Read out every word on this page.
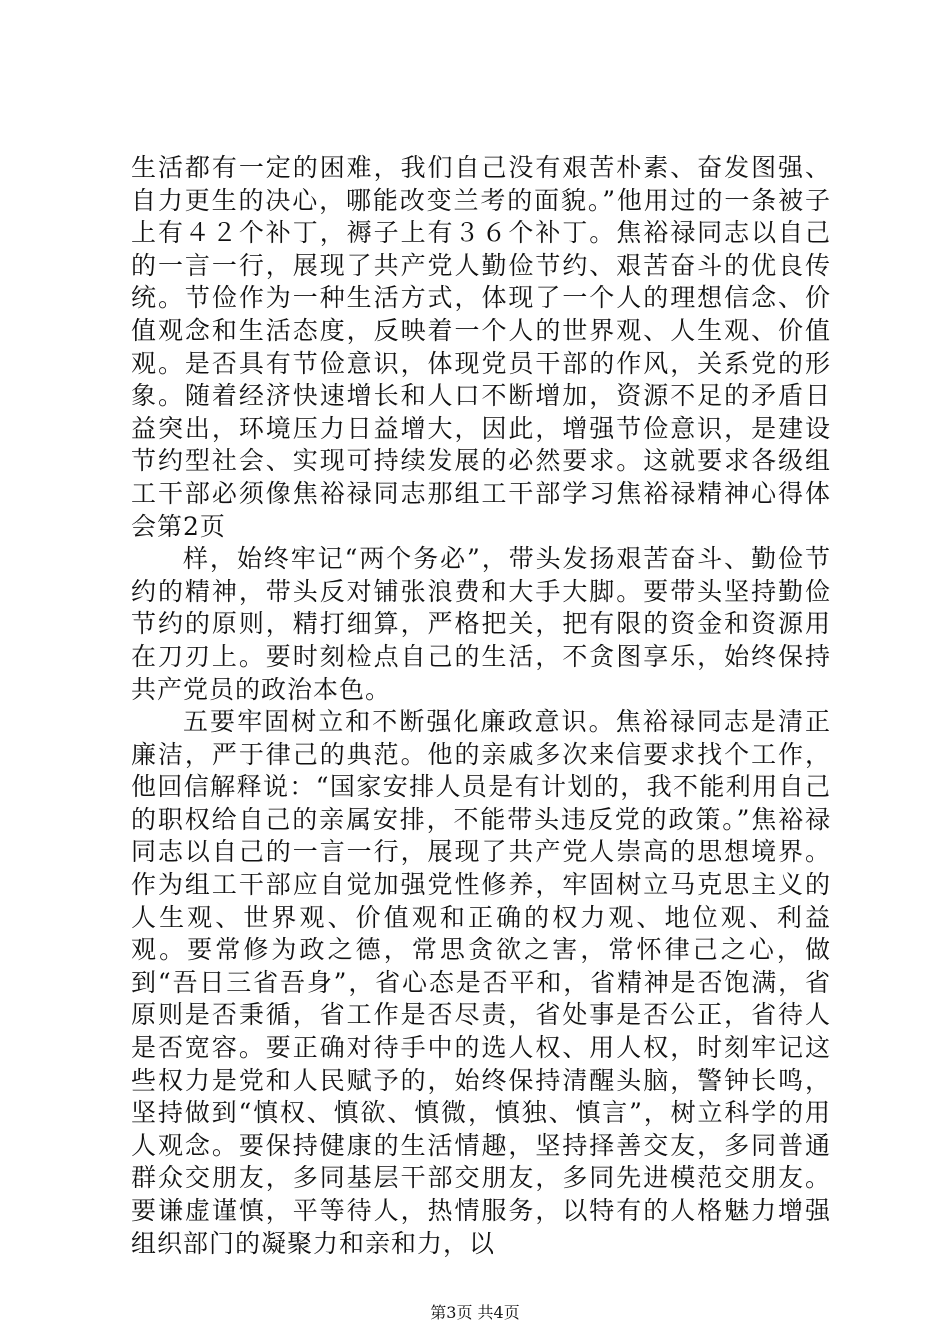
生活都有一定的困难，我们自己没有艰苦朴素、奋发图强、自力更生的决心，哪能改变兰考的面貌。”他用过的一条被子上有４２个补丁，褥子上有３６个补丁。焦裕禄同志以自己的一言一行，展现了共产党人勤俭节约、艰苦奋斗的优良传统。节俭作为一种生活方式，体现了一个人的理想信念、价值观念和生活态度，反映着一个人的世界观、人生观、价值观。是否具有节俭意识，体现党员干部的作风，关系党的形象。随着经济快速增长和人口不断增加，资源不足的矛盾日益突出，环境压力日益增大，因此，增强节俭意识，是建设节约型社会、实现可持续发展的必然要求。这就要求各级组工干部必须像焦裕禄同志那组工干部学习焦裕禄精神心得体会第2页

样，始终牢记“两个务必”，带头发扬艰苦奋斗、勤俭节约的精神，带头反对铺张浪费和大手大脚。要带头坚持勤俭节约的原则，精打细算，严格把关，把有限的资金和资源用在刀刃上。要时刻检点自己的生活，不贪图享乐，始终保持共产党员的政治本色。

五要牢固树立和不断强化廉政意识。焦裕禄同志是清正廉洁，严于律己的典范。他的亲戚多次来信要求找个工作，他回信解释说：“国家安排人员是有计划的，我不能利用自己的职权给自己的亲属安排，不能带头违反党的政策。”焦裕禄同志以自己的一言一行，展现了共产党人崇高的思想境界。作为组工干部应自觉加强党性修养，牢固树立马克思主义的人生观、世界观、价值观和正确的权力观、地位观、利益观。要常修为政之德，常思贪欲之害，常怀律己之心，做到“吾日三省吾身”，省心态是否平和，省精神是否饱满，省原则是否秉循，省工作是否尽责，省处事是否公正，省待人是否宽容。要正确对待手中的选人权、用人权，时刻牢记这些权力是党和人民赋予的，始终保持清醒头脑，警钟长鸣，坚持做到“慎权、慎欲、慎微，慎独、慎言”，树立科学的用人观念。要保持健康的生活情趣，坚持择善交友，多同普通群众交朋友，多同基层干部交朋友，多同先进模范交朋友。要谦虚谨慎，平等待人，热情服务，以特有的人格魅力增强组织部门的凝聚力和亲和力，以

第3页 共4页
